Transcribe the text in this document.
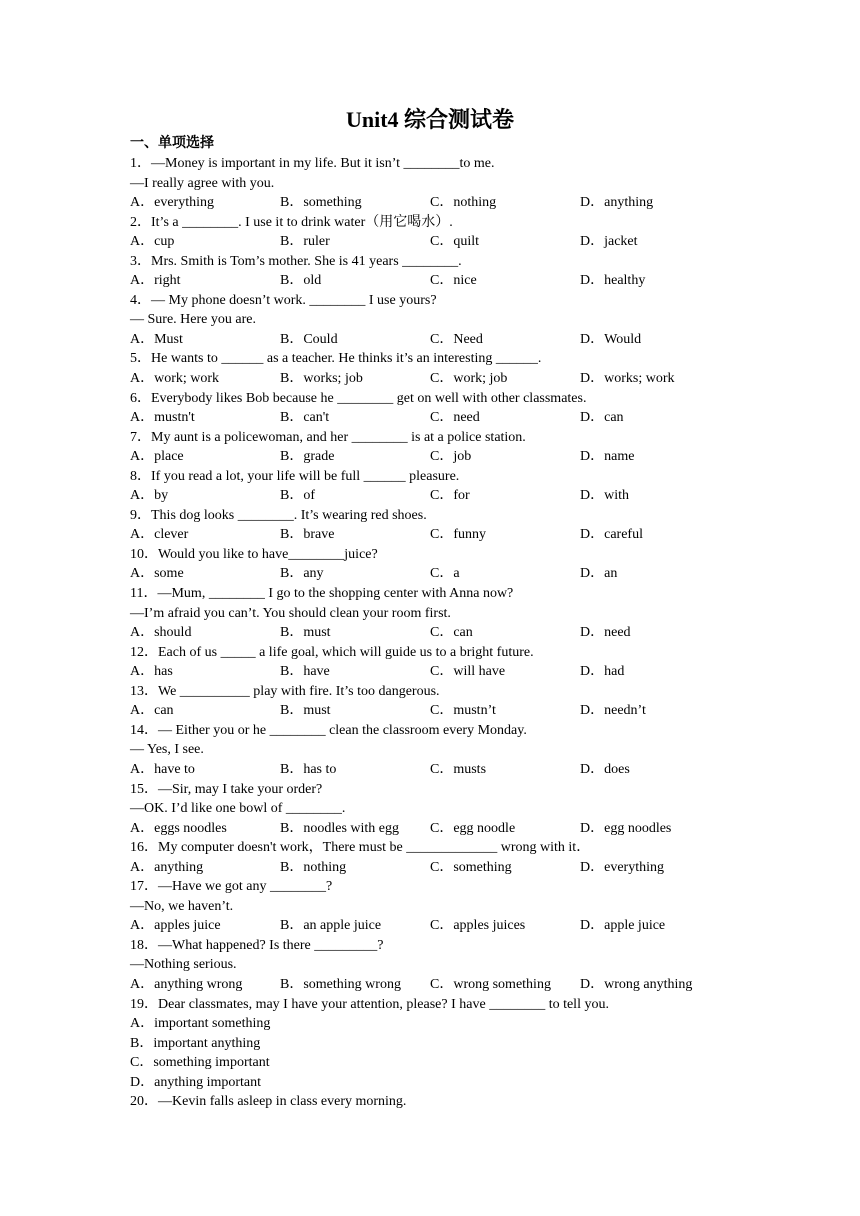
Unit4 综合测试卷
一、单项选择
1．—Money is important in my life. But it isn’t ________to me.
—I really agree with you.
A．everything	B．something	C．nothing	D．anything
2．It’s a ________. I use it to drink water（用它喝水）.
A．cup	B．ruler	C．quilt	D．jacket
3．Mrs. Smith is Tom’s mother. She is 41 years ________.
A．right	B．old	C．nice	D．healthy
4．— My phone doesn’t work. ________ I use yours?
— Sure. Here you are.
A．Must	B．Could	C．Need	D．Would
5．He wants to ______ as a teacher. He thinks it’s an interesting ______.
A．work; work	B．works; job	C．work; job	D．works; work
6．Everybody likes Bob because he ________ get on well with other classmates.
A．mustn't	B．can't	C．need	D．can
7．My aunt is a policewoman, and her ________ is at a police station.
A．place	B．grade	C．job	D．name
8．If you read a lot, your life will be full ______ pleasure.
A．by	B．of	C．for	D．with
9．This dog looks ________. It’s wearing red shoes.
A．clever	B．brave	C．funny	D．careful
10．Would you like to have________juice?
A．some	B．any	C．a	D．an
11．—Mum, ________ I go to the shopping center with Anna now?
—I’m afraid you can’t. You should clean your room first.
A．should	B．must	C．can	D．need
12．Each of us _____ a life goal, which will guide us to a bright future.
A．has	B．have	C．will have	D．had
13．We __________ play with fire. It’s too dangerous.
A．can	B．must	C．mustn’t	D．needn’t
14．— Either you or he ________ clean the classroom every Monday.
— Yes, I see.
A．have to	B．has to	C．musts	D．does
15．—Sir, may I take your order?
—OK. I’d like one bowl of ________.
A．eggs noodles	B．noodles with egg C．egg noodle	D．egg noodles
16．My computer doesn't work，There must be _____________ wrong with it．
A．anything	B．nothing	C．something	D．everything
17．—Have we got any ________?
—No, we haven’t.
A．apples juice	B．an apple juice	C．apples juices	D．apple juice
18．—What happened? Is there _________?
—Nothing serious.
A．anything wrong	B．something wrong C．wrong something D．wrong anything
19．Dear classmates, may I have your attention, please? I have ________ to tell you.
A．important something
B．important anything
C．something important
D．anything important
20．—Kevin falls asleep in class every morning.
